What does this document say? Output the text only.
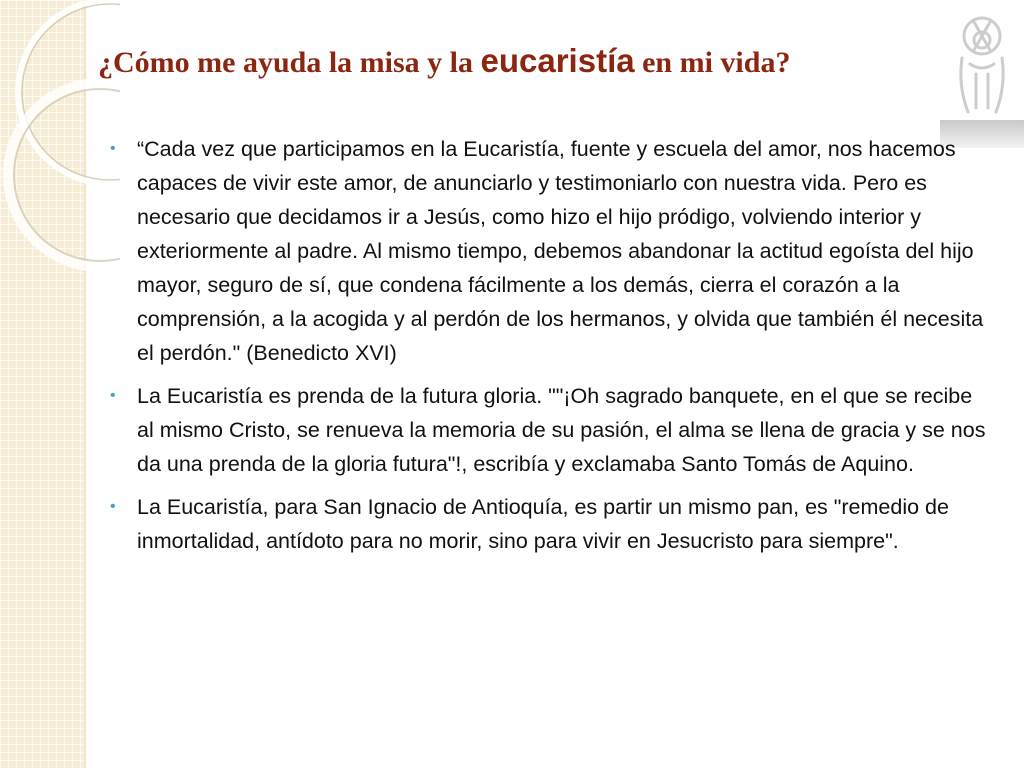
¿Cómo me ayuda la misa y la eucaristía en mi vida?
• “Cada vez que participamos en la Eucaristía, fuente y escuela del amor, nos hacemos capaces de vivir este amor, de anunciarlo y testimoniarlo con nuestra vida. Pero es necesario que decidamos ir a Jesús, como hizo el hijo pródigo, volviendo interior y exteriormente al padre. Al mismo tiempo, debemos abandonar la actitud egoísta del hijo mayor, seguro de sí, que condena fácilmente a los demás, cierra el corazón a la comprensión, a la acogida y al perdón de los hermanos, y olvida que también él necesita el perdón." (Benedicto XVI)
• La Eucaristía es prenda de la futura gloria. ""¡Oh sagrado banquete, en el que se recibe al mismo Cristo, se renueva la memoria de su pasión, el alma se llena de gracia y se nos da una prenda de la gloria futura"!, escribía y exclamaba Santo Tomás de Aquino.
• La Eucaristía, para San Ignacio de Antioquía, es partir un mismo pan, es "remedio de inmortalidad, antídoto para no morir, sino para vivir en Jesucristo para siempre".
